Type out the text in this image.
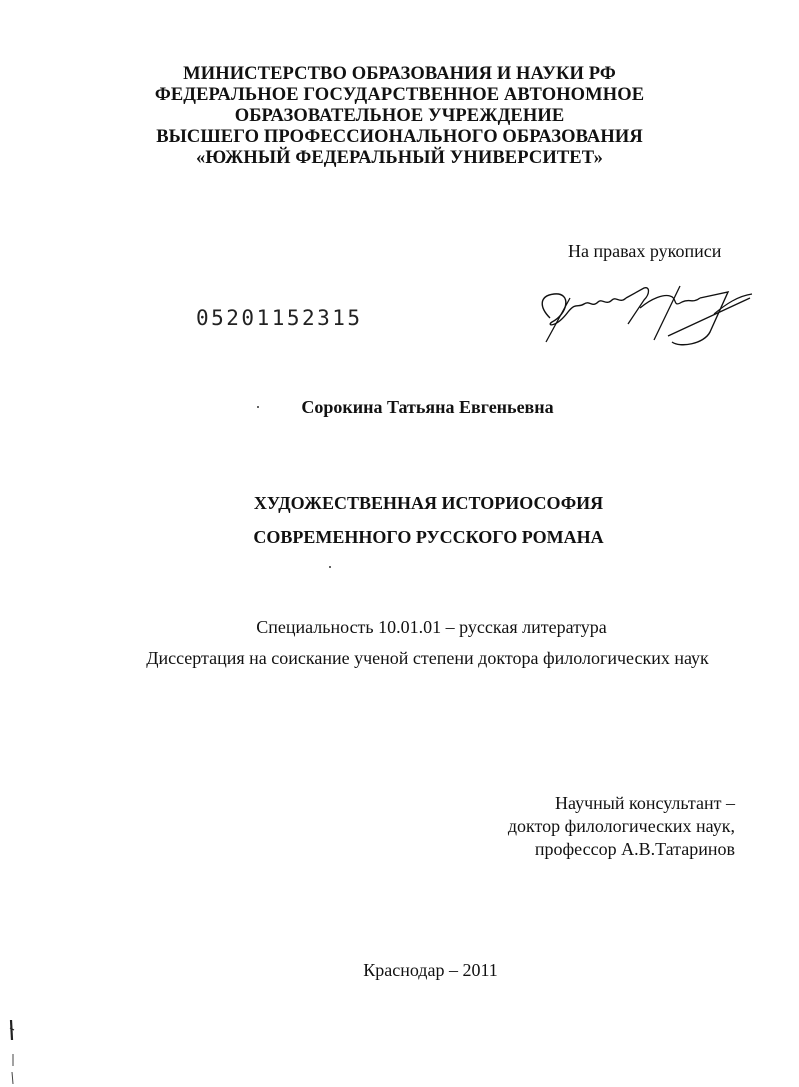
МИНИСТЕРСТВО ОБРАЗОВАНИЯ И НАУКИ РФ
ФЕДЕРАЛЬНОЕ ГОСУДАРСТВЕННОЕ АВТОНОМНОЕ
ОБРАЗОВАТЕЛЬНОЕ УЧРЕЖДЕНИЕ
ВЫСШЕГО ПРОФЕССИОНАЛЬНОГО ОБРАЗОВАНИЯ
«ЮЖНЫЙ ФЕДЕРАЛЬНЫЙ УНИВЕРСИТЕТ»
На правах рукописи
05201152315
Сорокина Татьяна Евгеньевна
ХУДОЖЕСТВЕННАЯ ИСТОРИОСОФИЯ
СОВРЕМЕННОГО РУССКОГО РОМАНА
Специальность 10.01.01 – русская литература
Диссертация на соискание ученой степени доктора филологических наук
Научный консультант –
доктор филологических наук,
профессор А.В.Татаринов
Краснодар – 2011
